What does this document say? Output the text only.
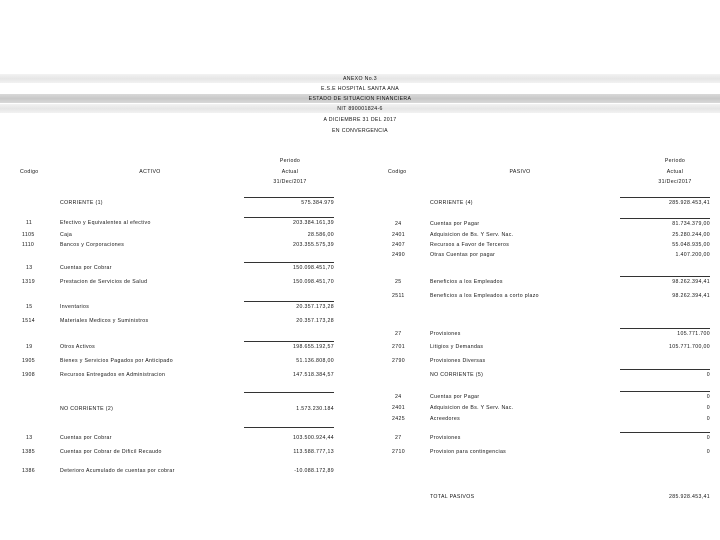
ANEXO No.3
E.S.E HOSPITAL SANTA ANA
ESTADO DE SITUACION FINANCIERA
NIT 890001824-6
A DICIEMBRE 31 DEL 2017
EN CONVERGENCIA
Codigo	ACTIVO
Periodo
Actual
31/Dec/2017
Codigo	PASIVO
Periodo
Actual
31/Dec/2017
CORRIENTE (1)	575.384.979
11	Efectivo y Equivalentes al efectivo	203.384.161,39
1105	Caja	28.586,00
1110	Bancos y Corporaciones	203.355.575,39
13	Cuentas por Cobrar	150.098.451,70
1319	Prestacion de Servicios de Salud	150.098.451,70
15	Inventarios	20.357.173,28
1514	Materiales Medicos y Suministros	20.357.173,28
19	Otros Activos	198.655.192,57
1905	Bienes y Servicios Pagados por Anticipado	51.136.808,00
1908	Recursos Entregados en Administracion	147.518.384,57
NO CORRIENTE (2)	1.573.230.184
13	Cuentas por Cobrar	103.500.924,44
1385	Cuentas por Cobrar de Dificil Recaudo	113.588.777,13
1386	Deterioro Acumulado de cuentas por cobrar	-10.088.172,89
CORRIENTE (4)	285.928.453,41
24	Cuentas por Pagar	81.734.379,00
2401	Adquisicion de Bs. Y Serv. Nac.	25.280.244,00
2407	Recursos a Favor de Terceros	55.048.935,00
2490	Otras Cuentas por pagar	1.407.200,00
25	Beneficios a los Empleados	98.262.394,41
2511	Beneficios a los Empleados a corto plazo	98.262.394,41
27	Provisiones	105.771.700
2701	Litigios y Demandas	105.771.700,00
2790	Provisiones Diversas
NO CORRIENTE (5)	0
24	Cuentas por Pagar	0
2401	Adquisicion de Bs. Y Serv. Nac.	0
2425	Acreedores	0
27	Provisiones	0
2710	Provision para contingencias	0
TOTAL PASIVOS	285.928.453,41
